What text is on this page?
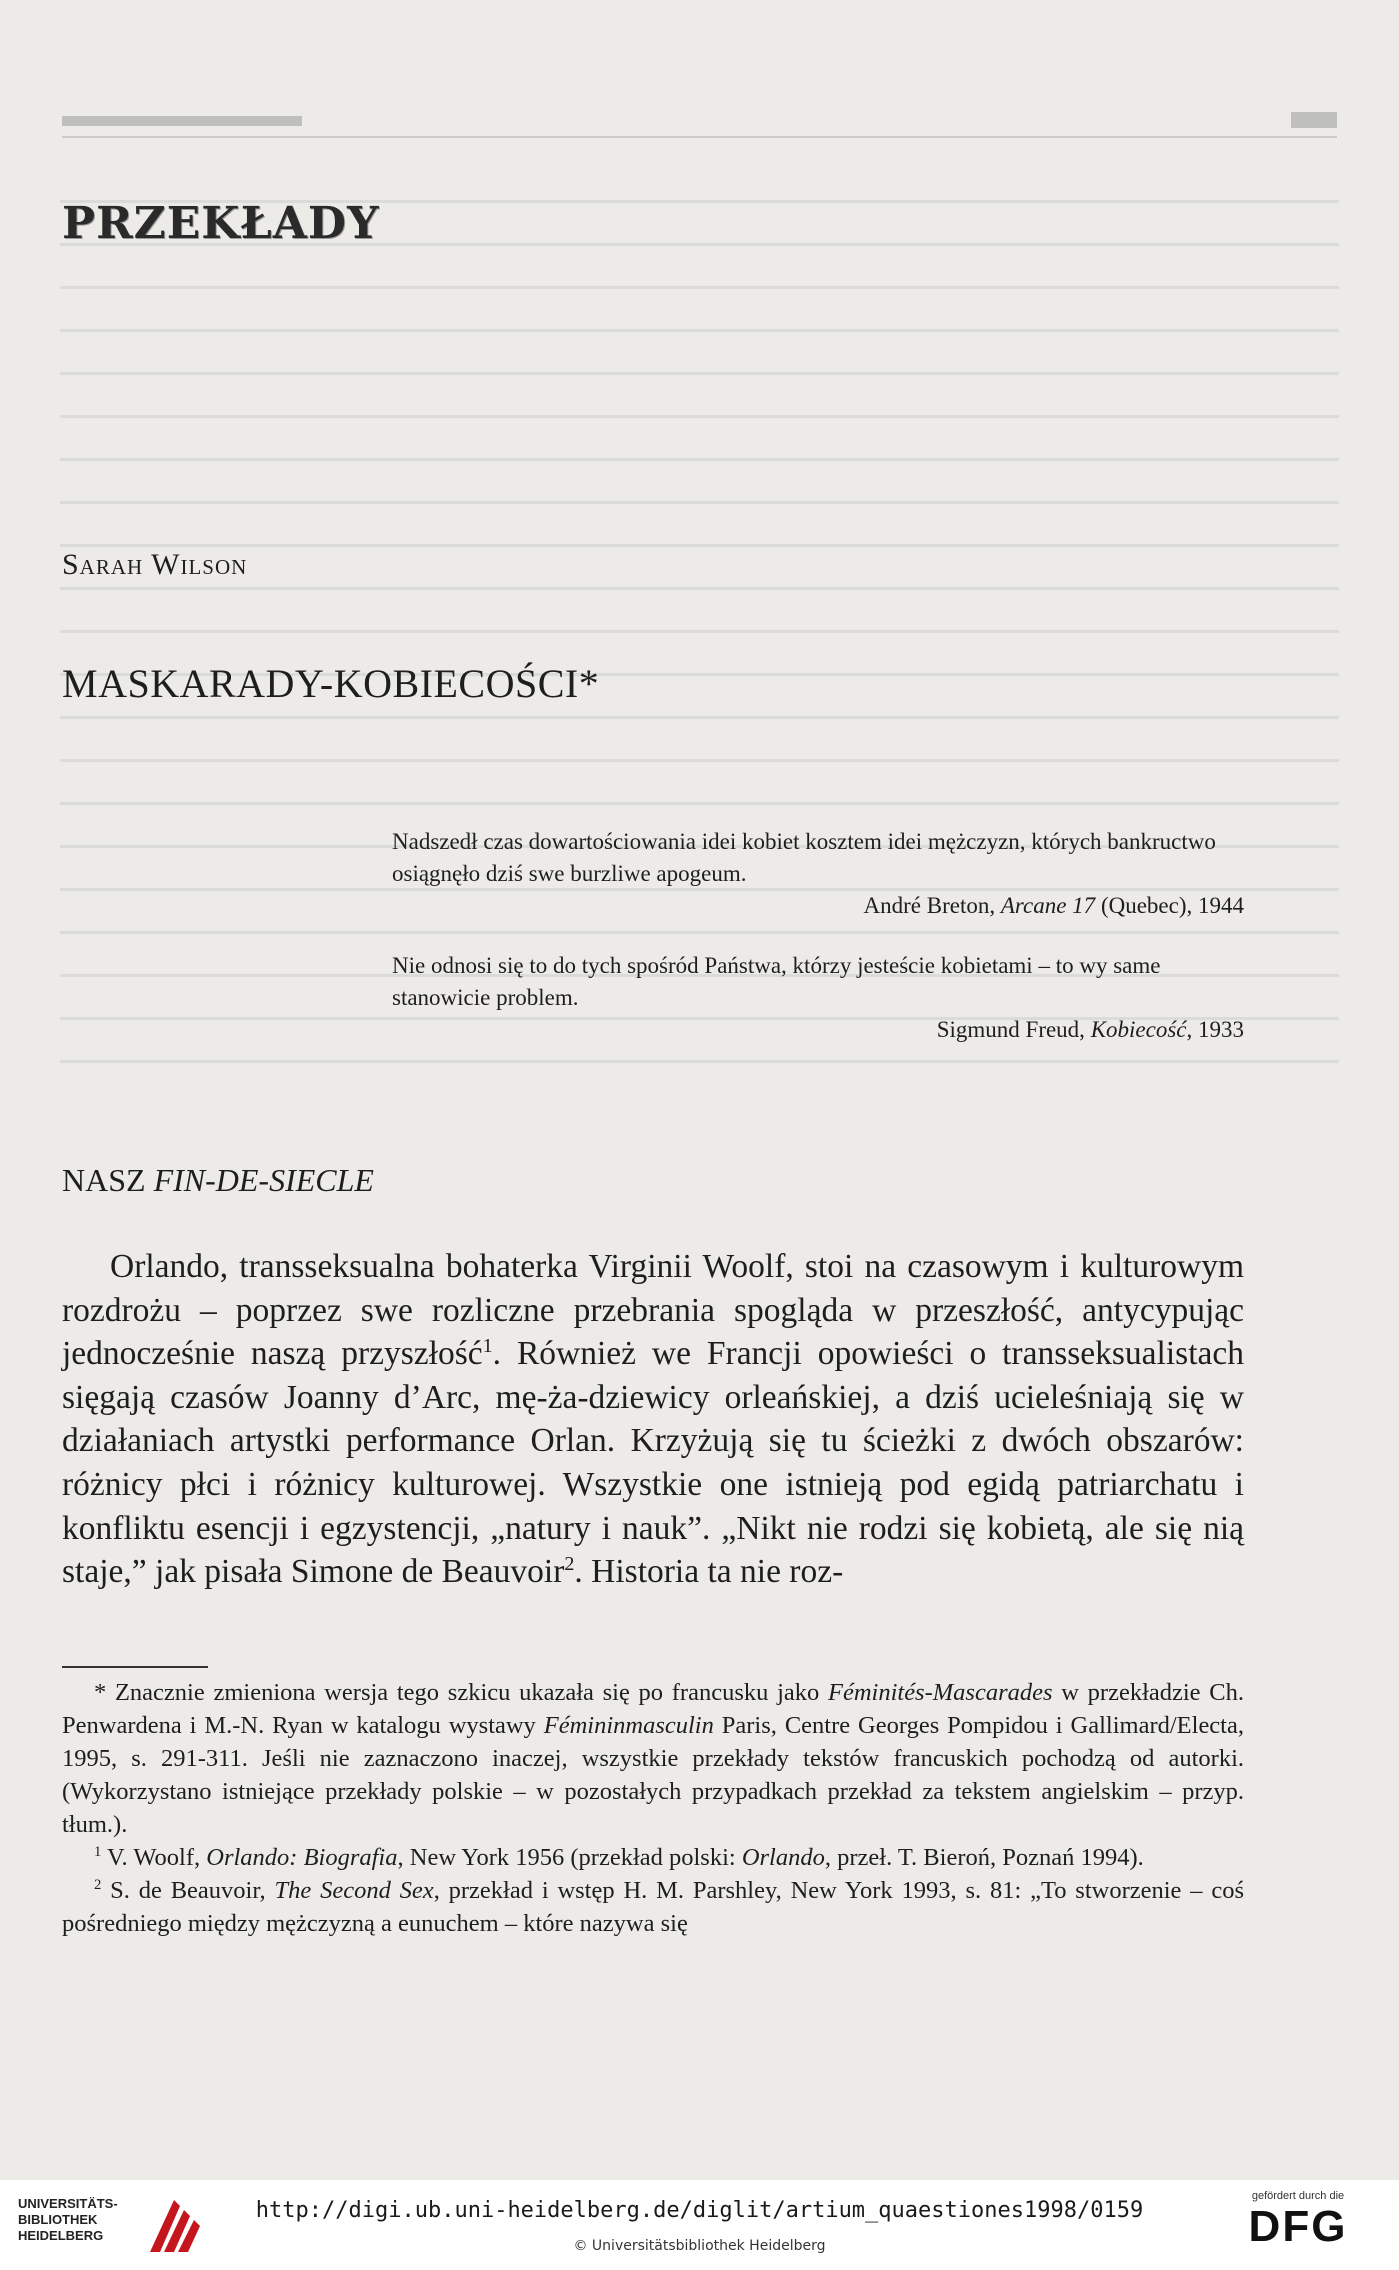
PRZEKŁADY
Sarah Wilson
MASKARADY-KOBIECOŚCI*
Nadszedł czas dowartościowania idei kobiet kosztem idei mężczyzn, których bankructwo osiągnęło dziś swe burzliwe apogeum.
André Breton, Arcane 17 (Quebec), 1944
Nie odnosi się to do tych spośród Państwa, którzy jesteście kobietami – to wy same stanowicie problem.
Sigmund Freud, Kobiecość, 1933
NASZ FIN-DE-SIECLE
Orlando, transseksualna bohaterka Virginii Woolf, stoi na czasowym i kulturowym rozdrożu – poprzez swe rozliczne przebrania spogląda w przeszłość, antycypując jednocześnie naszą przyszłość$^1$. Również we Francji opowieści o transseksualistach sięgają czasów Joanny d’Arc, mę-ża-dziewicy orleańskiej, a dziś ucieleśniają się w działaniach artystki performance Orlan. Krzyżują się tu ścieżki z dwóch obszarów: różnicy płci i różnicy kulturowej. Wszystkie one istnieją pod egidą patriarchatu i konfliktu esencji i egzystencji, „natury i nauk”. „Nikt nie rodzi się kobietą, ale się nią staje,” jak pisała Simone de Beauvoir$^2$. Historia ta nie roz-

* Znacznie zmieniona wersja tego szkicu ukazała się po francusku jako Féminités-Mascarades w przekładzie Ch. Penwardena i M.-N. Ryan w katalogu wystawy Fémininmasculin Paris, Centre Georges Pompidou i Gallimard/Electa, 1995, s. 291-311. Jeśli nie zaznaczono inaczej, wszystkie przekłady tekstów francuskich pochodzą od autorki. (Wykorzystano istniejące przekłady polskie – w pozostałych przypadkach przekład za tekstem angielskim – przyp. tłum.).

$^1$ V. Woolf, Orlando: Biografia, New York 1956 (przekład polski: Orlando, przeł. T. Bieroń, Poznań 1994).

$^2$ S. de Beauvoir, The Second Sex, przekład i wstęp H. M. Parshley, New York 1993, s. 81: „To stworzenie – coś pośredniego między mężczyzną a eunuchem – które nazywa się

UNIVERSITÄTS-
BIBLIOTHEK
HEIDELBERG
http://digi.ub.uni-heidelberg.de/diglit/artium_quaestiones1998/0159
© Universitätsbibliothek Heidelberg
gefördert durch die
DFG
